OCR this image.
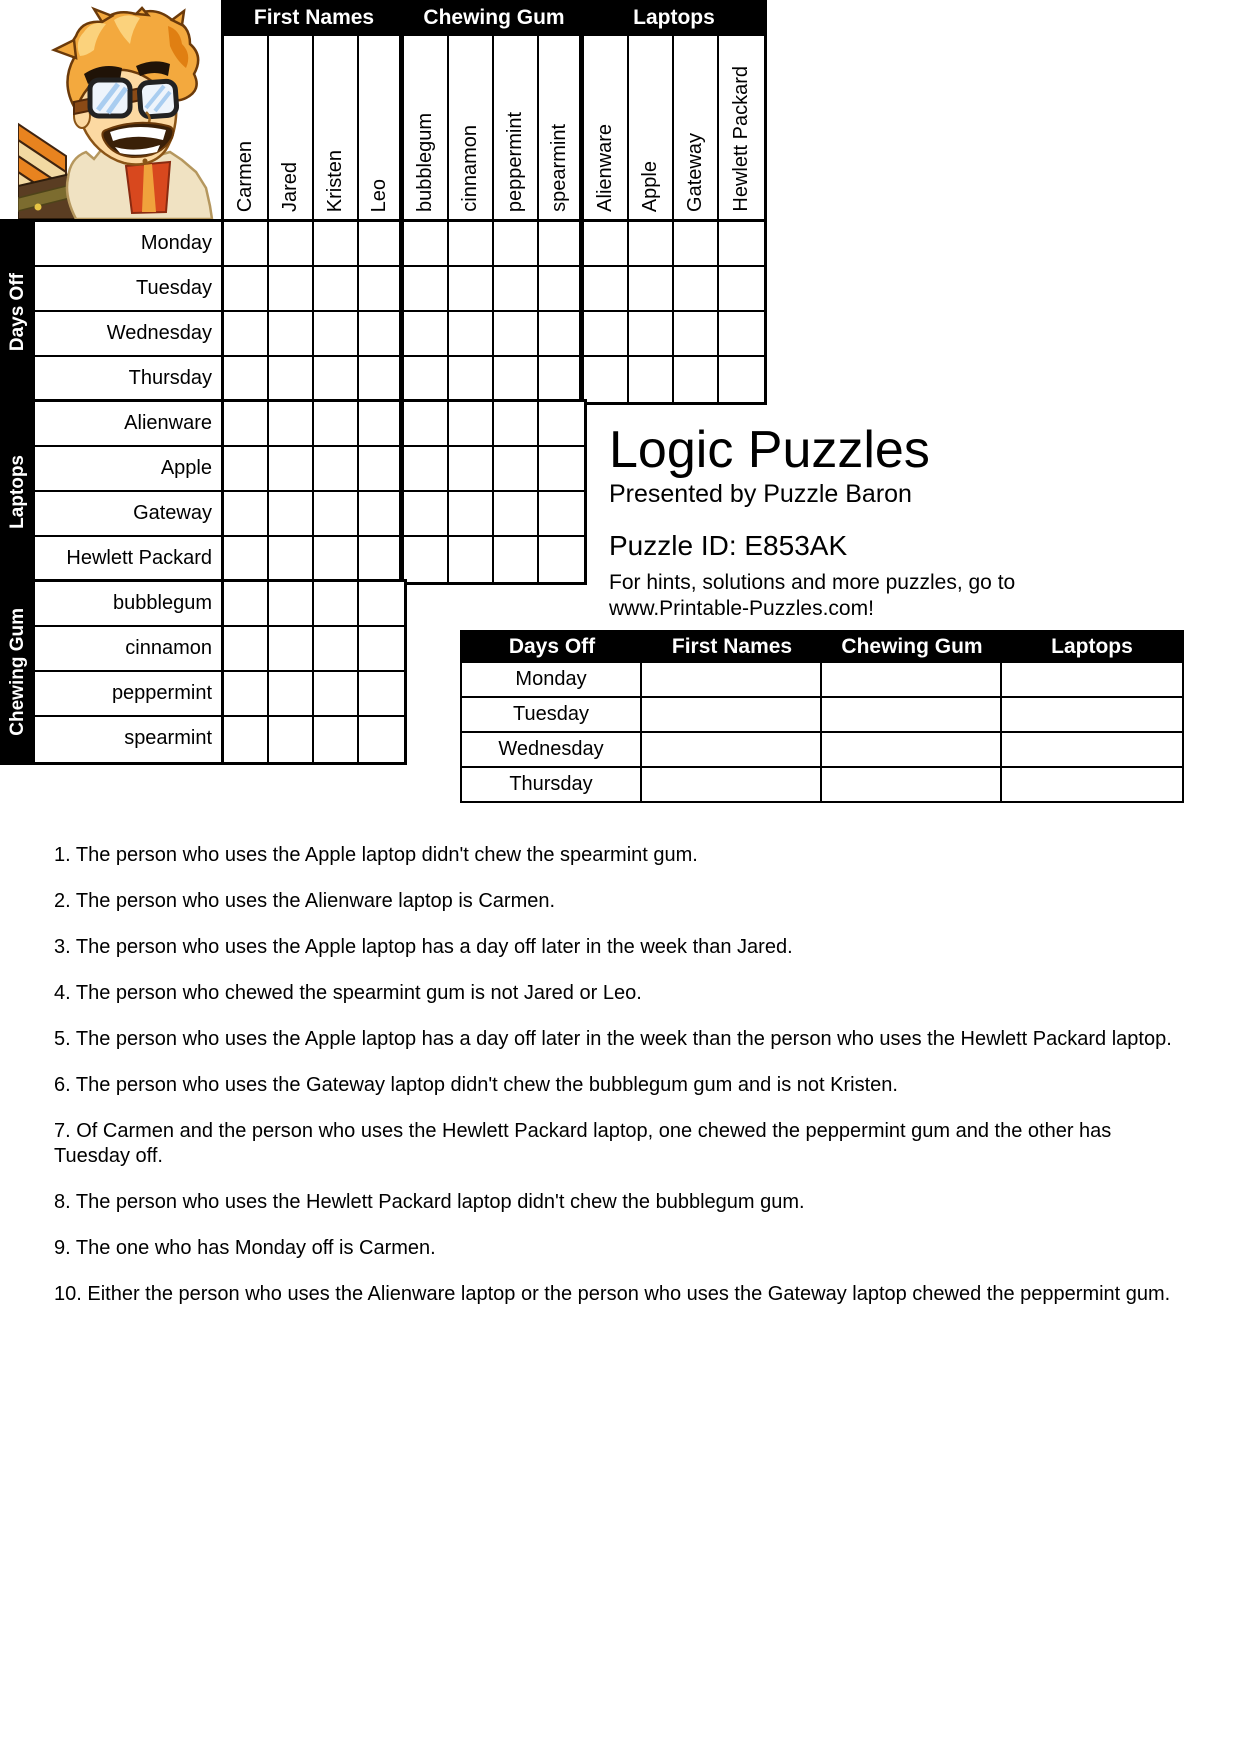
First Names	Chewing Gum	Laptops
Carmen Jared Kristen Leo bubblegum cinnamon peppermint spearmint Alienware Apple Gateway Hewlett Packard
Days Off
Laptops
Chewing Gum
Monday
Tuesday
Wednesday
Thursday
Alienware
Apple
Gateway
Hewlett Packard
bubblegum
cinnamon
peppermint
spearmint
Logic Puzzles
Presented by Puzzle Baron
Puzzle ID: E853AK
For hints, solutions and more puzzles, go to
www.Printable-Puzzles.com!
Days Off	First Names	Chewing Gum	Laptops
Monday
Tuesday
Wednesday
Thursday
1. The person who uses the Apple laptop didn't chew the spearmint gum.
2. The person who uses the Alienware laptop is Carmen.
3. The person who uses the Apple laptop has a day off later in the week than Jared.
4. The person who chewed the spearmint gum is not Jared or Leo.
5. The person who uses the Apple laptop has a day off later in the week than the person who uses the Hewlett Packard laptop.
6. The person who uses the Gateway laptop didn't chew the bubblegum gum and is not Kristen.
7. Of Carmen and the person who uses the Hewlett Packard laptop, one chewed the peppermint gum and the other has Tuesday off.
8. The person who uses the Hewlett Packard laptop didn't chew the bubblegum gum.
9. The one who has Monday off is Carmen.
10. Either the person who uses the Alienware laptop or the person who uses the Gateway laptop chewed the peppermint gum.
